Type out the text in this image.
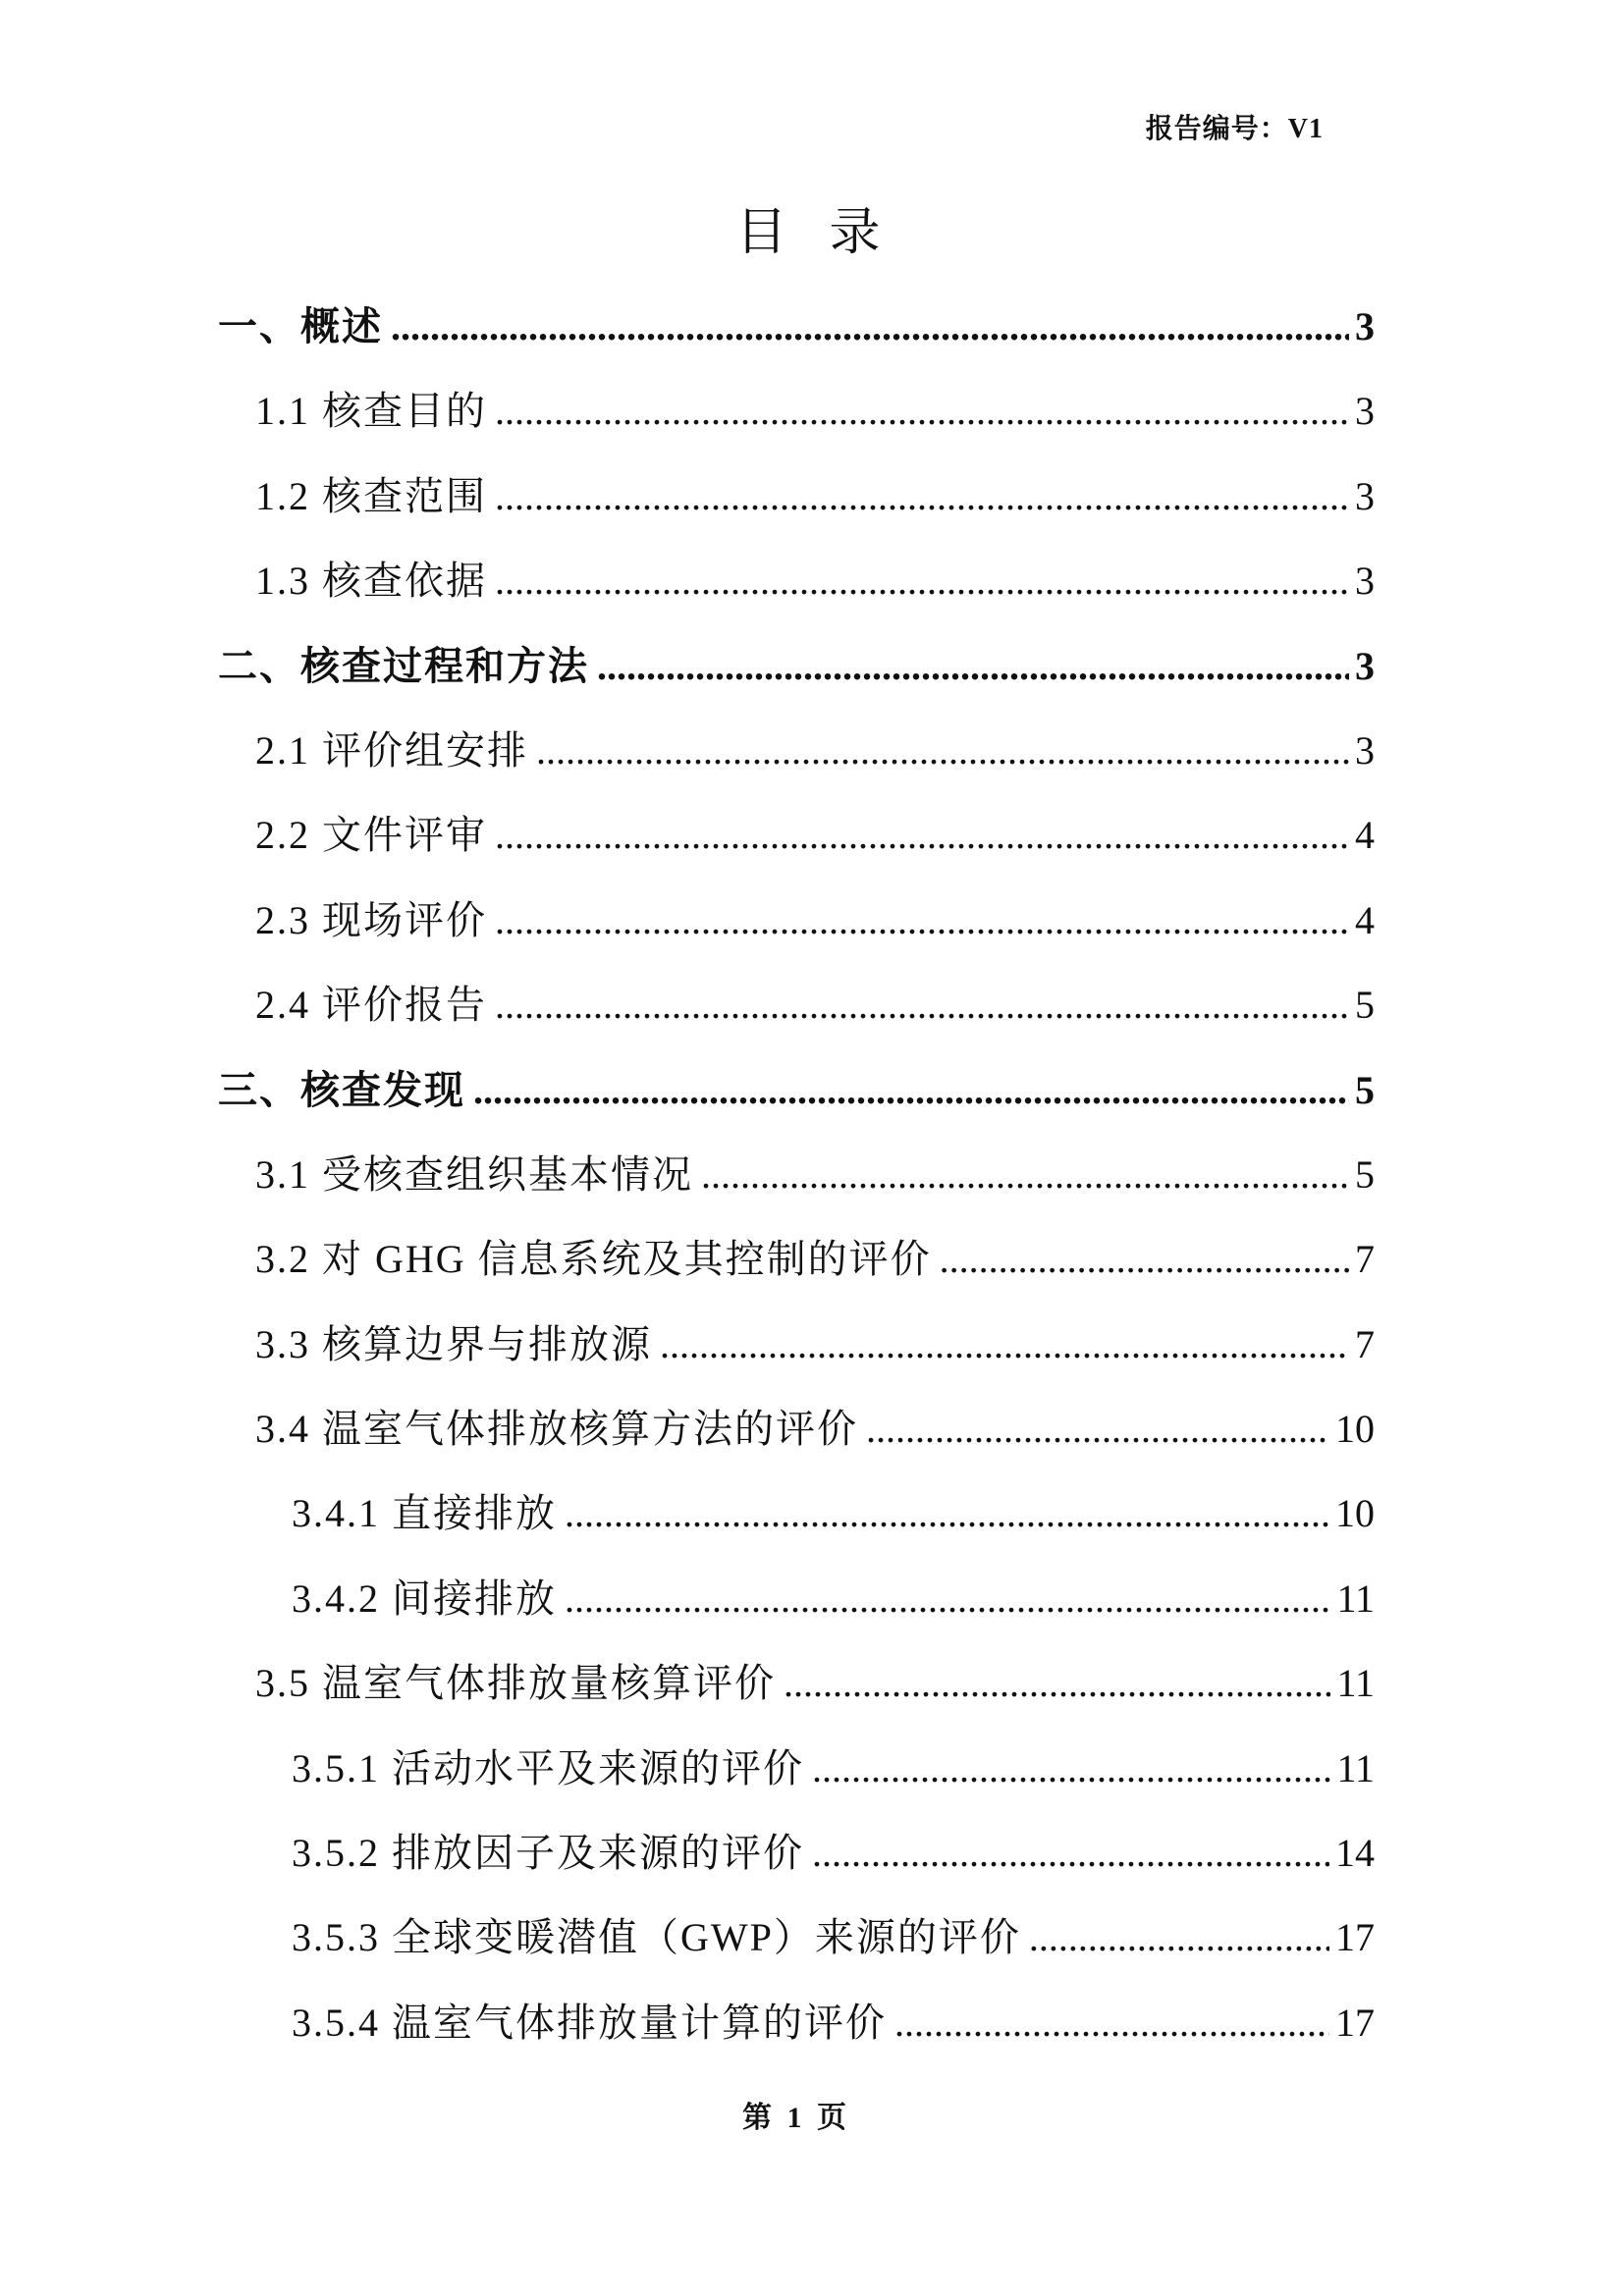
报告编号：V1
目 录
一、概述 .....	3
1.1 核查目的 .....	3
1.2 核查范围 .....	3
1.3 核查依据 .....	3
二、核查过程和方法 .....	3
2.1 评价组安排 .....	3
2.2 文件评审 .....	4
2.3 现场评价 .....	4
2.4 评价报告 .....	5
三、核查发现 .....	5
3.1 受核查组织基本情况 .....	5
3.2 对 GHG 信息系统及其控制的评价 .....	7
3.3 核算边界与排放源 .....	7
3.4 温室气体排放核算方法的评价 .....	10
3.4.1 直接排放 .....	10
3.4.2 间接排放 .....	11
3.5 温室气体排放量核算评价 .....	11
3.5.1 活动水平及来源的评价 .....	11
3.5.2 排放因子及来源的评价 .....	14
3.5.3 全球变暖潜值（GWP）来源的评价 .....	17
3.5.4 温室气体排放量计算的评价 .....	17
第 1 页
